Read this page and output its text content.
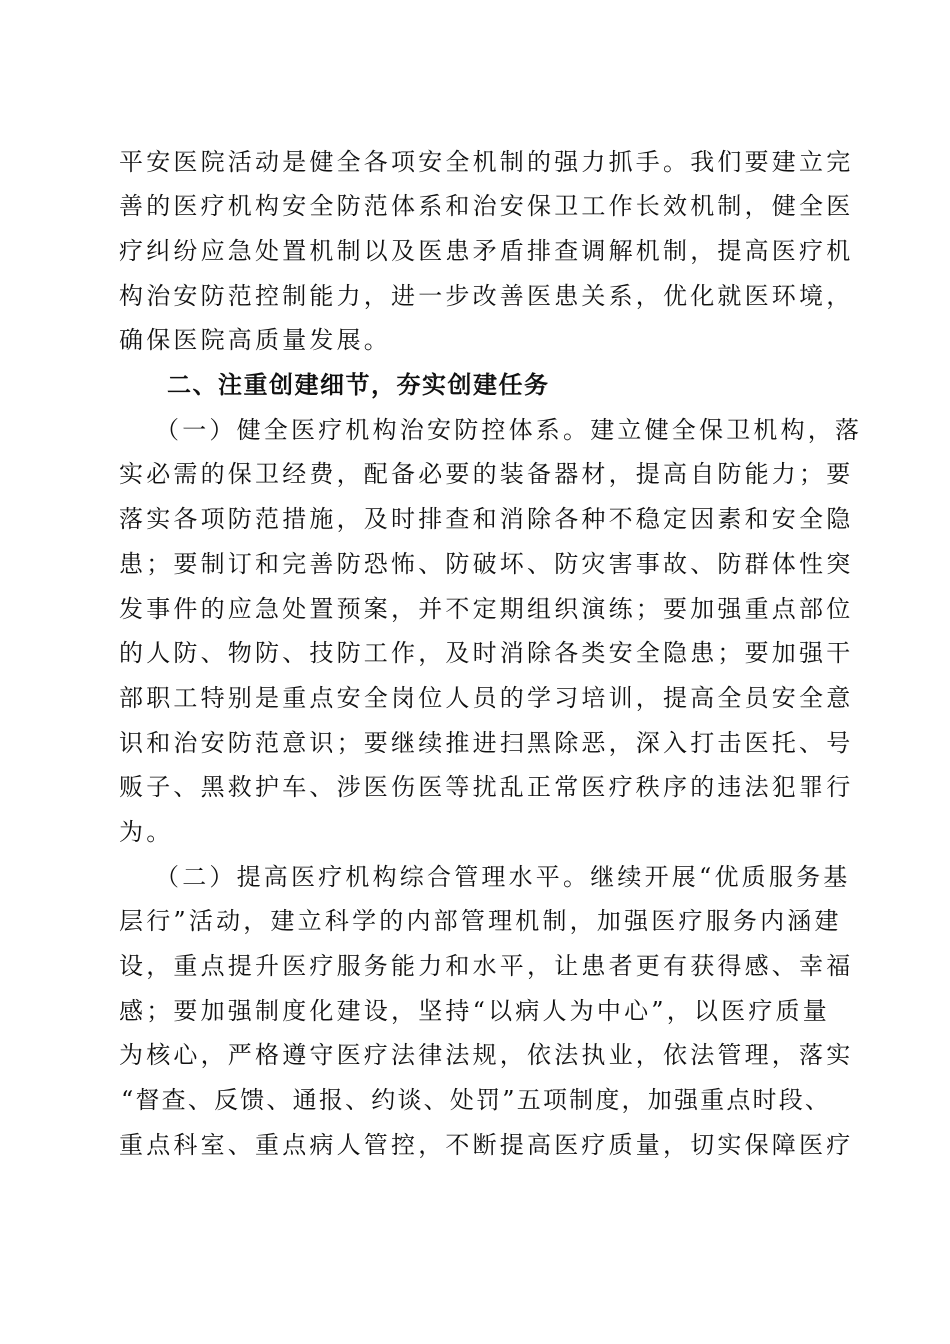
平安医院活动是健全各项安全机制的强力抓手。我们要建立完
善的医疗机构安全防范体系和治安保卫工作长效机制，健全医
疗纠纷应急处置机制以及医患矛盾排查调解机制，提高医疗机
构治安防范控制能力，进一步改善医患关系，优化就医环境，
确保医院高质量发展。
二、注重创建细节，夯实创建任务
（一）健全医疗机构治安防控体系。建立健全保卫机构，落
实必需的保卫经费，配备必要的装备器材，提高自防能力；要
落实各项防范措施，及时排查和消除各种不稳定因素和安全隐
患；要制订和完善防恐怖、防破坏、防灾害事故、防群体性突
发事件的应急处置预案，并不定期组织演练；要加强重点部位
的人防、物防、技防工作，及时消除各类安全隐患；要加强干
部职工特别是重点安全岗位人员的学习培训，提高全员安全意
识和治安防范意识；要继续推进扫黑除恶，深入打击医托、号
贩子、黑救护车、涉医伤医等扰乱正常医疗秩序的违法犯罪行
为。
（二）提高医疗机构综合管理水平。继续开展“优质服务基
层行”活动，建立科学的内部管理机制，加强医疗服务内涵建
设，重点提升医疗服务能力和水平，让患者更有获得感、幸福
感；要加强制度化建设，坚持“以病人为中心”，以医疗质量
为核心，严格遵守医疗法律法规，依法执业，依法管理，落实
“督查、反馈、通报、约谈、处罚”五项制度，加强重点时段、
重点科室、重点病人管控，不断提高医疗质量，切实保障医疗
